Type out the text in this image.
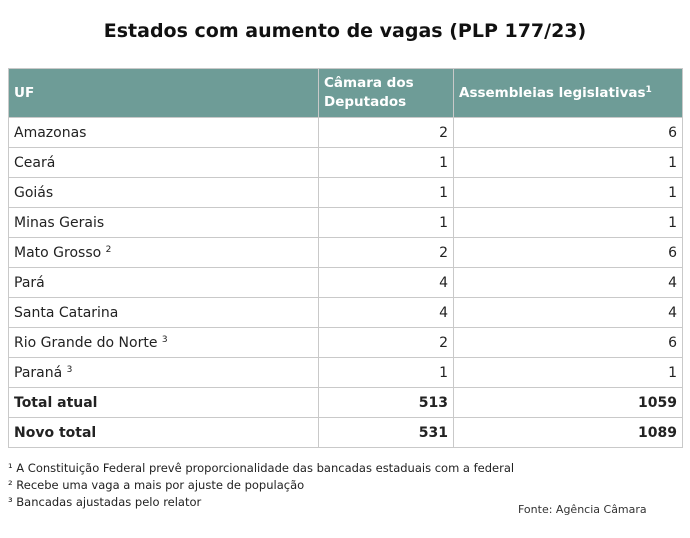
Estados com aumento de vagas (PLP 177/23)
UF	Câmara dos Deputados	Assembleias legislativas$^1$
Amazonas	2	6
Ceará	1	1
Goiás	1	1
Minas Gerais	1	1
Mato Grosso $^2$	2	6
Pará	4	4
Santa Catarina	4	4
Rio Grande do Norte $^3$	2	6
Paraná $^3$	1	1
Total atual	513	1059
Novo total	531	1089
¹ A Constituição Federal prevê proporcionalidade das bancadas estaduais com a federal
² Recebe uma vaga a mais por ajuste de população
³ Bancadas ajustadas pelo relator
Fonte: Agência Câmara
